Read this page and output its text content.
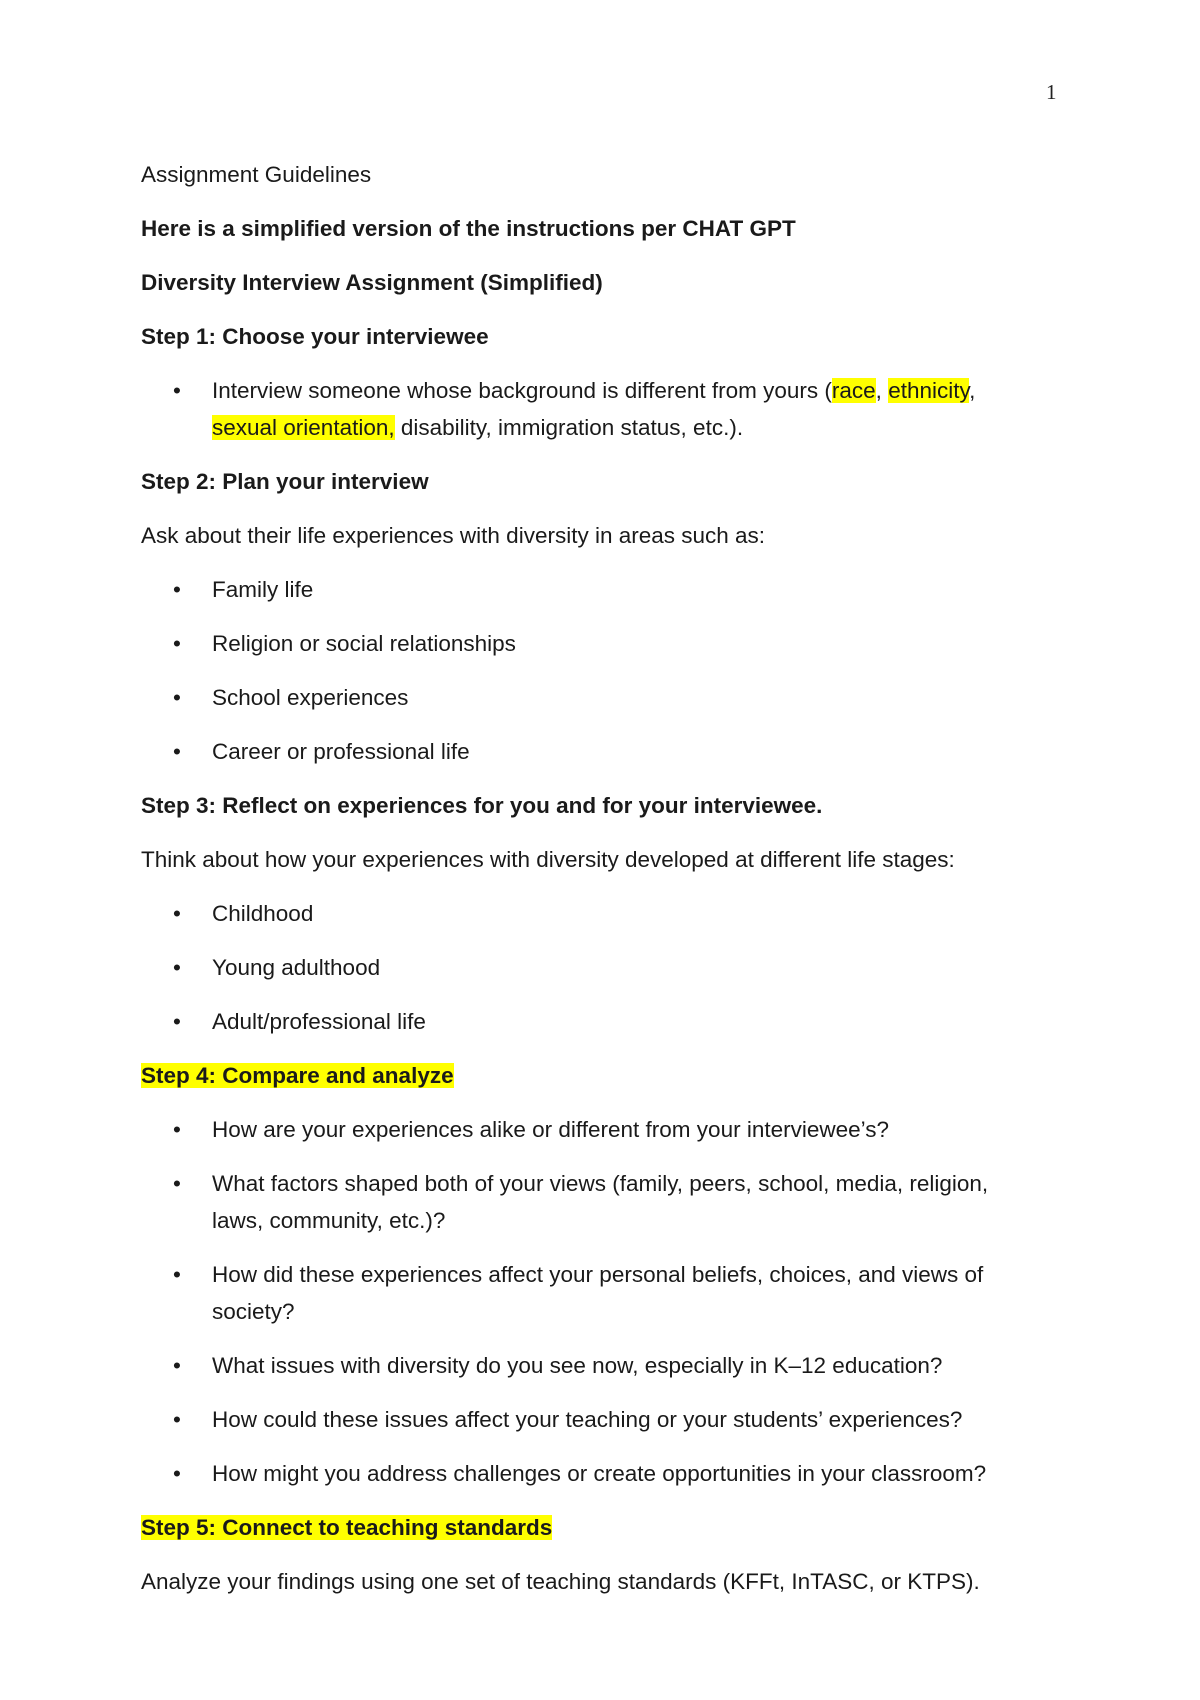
1

Assignment Guidelines

Here is a simplified version of the instructions per CHAT GPT

Diversity Interview Assignment (Simplified)

Step 1: Choose your interviewee

• Interview someone whose background is different from yours (race, ethnicity, sexual orientation, disability, immigration status, etc.).

Step 2: Plan your interview

Ask about their life experiences with diversity in areas such as:

• Family life
• Religion or social relationships
• School experiences
• Career or professional life

Step 3: Reflect on experiences for you and for your interviewee.

Think about how your experiences with diversity developed at different life stages:

• Childhood
• Young adulthood
• Adult/professional life

Step 4: Compare and analyze

• How are your experiences alike or different from your interviewee’s?
• What factors shaped both of your views (family, peers, school, media, religion, laws, community, etc.)?
• How did these experiences affect your personal beliefs, choices, and views of society?
• What issues with diversity do you see now, especially in K–12 education?
• How could these issues affect your teaching or your students’ experiences?
• How might you address challenges or create opportunities in your classroom?

Step 5: Connect to teaching standards

Analyze your findings using one set of teaching standards (KFFt, InTASC, or KTPS).
